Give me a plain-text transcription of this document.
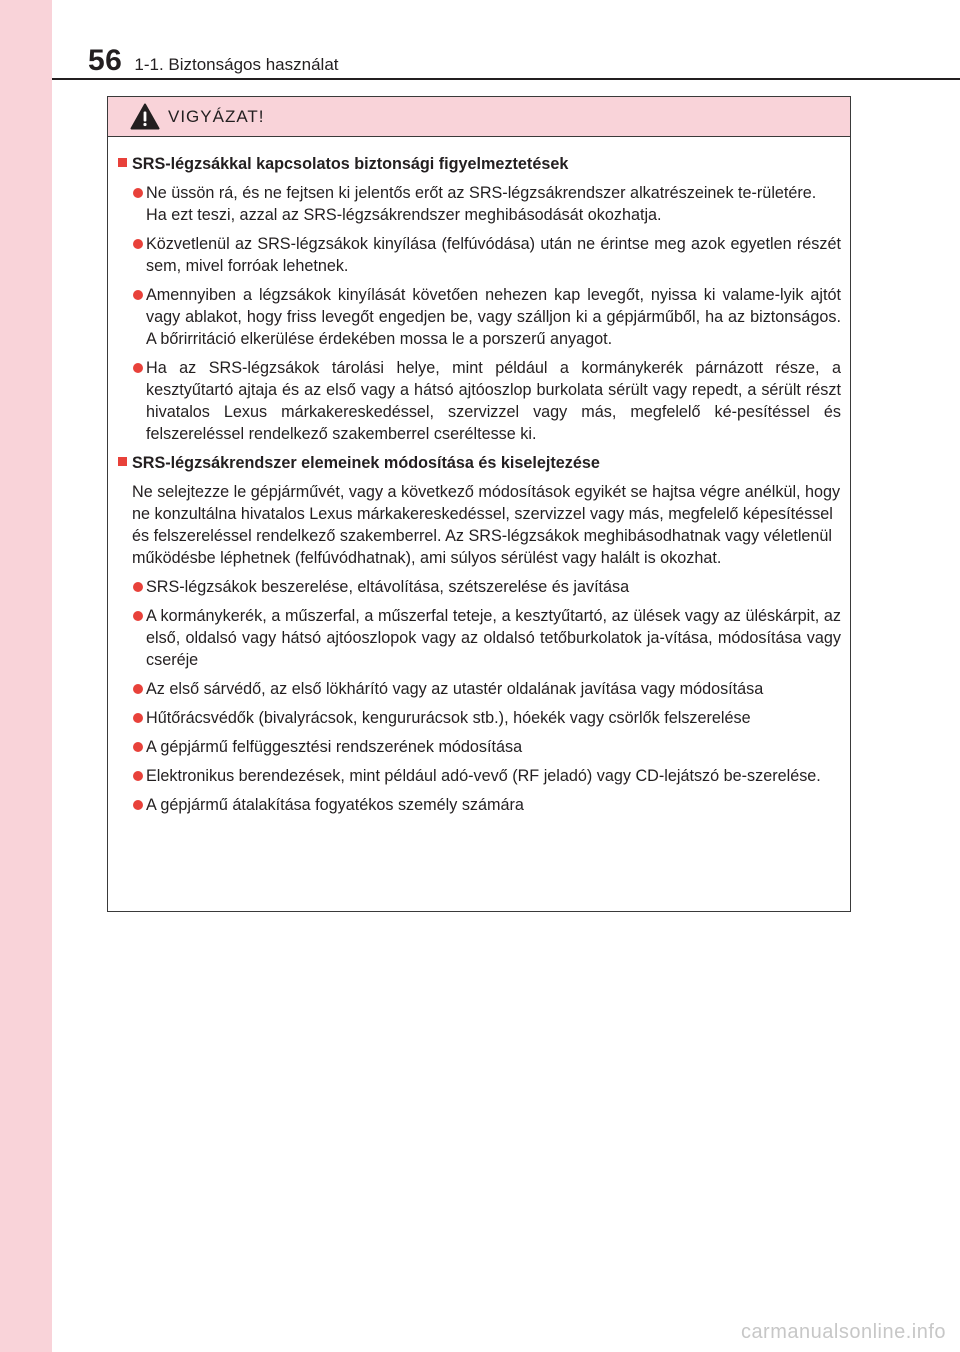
56 1-1. Biztonságos használat
VIGYÁZAT!
SRS-légzsákkal kapcsolatos biztonsági figyelmeztetések

Ne üssön rá, és ne fejtsen ki jelentős erőt az SRS-légzsákrendszer alkatrészeinek te-rületére.

Ha ezt teszi, azzal az SRS-légzsákrendszer meghibásodását okozhatja.

Közvetlenül az SRS-légzsákok kinyílása (felfúvódása) után ne érintse meg azok egyetlen részét sem, mivel forróak lehetnek.

Amennyiben a légzsákok kinyílását követően nehezen kap levegőt, nyissa ki valame-lyik ajtót vagy ablakot, hogy friss levegőt engedjen be, vagy szálljon ki a gépjárműből, ha az biztonságos. A bőrirritáció elkerülése érdekében mossa le a porszerű anyagot.

Ha az SRS-légzsákok tárolási helye, mint például a kormánykerék párnázott része, a kesztyűtartó ajtaja és az első vagy a hátsó ajtóoszlop burkolata sérült vagy repedt, a sérült részt hivatalos Lexus márkakereskedéssel, szervizzel vagy más, megfelelő ké-pesítéssel és felszereléssel rendelkező szakemberrel cseréltesse ki.

SRS-légzsákrendszer elemeinek módosítása és kiselejtezése
Ne selejtezze le gépjárművét, vagy a következő módosítások egyikét se hajtsa végre anélkül, hogy ne konzultálna hivatalos Lexus márkakereskedéssel, szervizzel vagy más, megfelelő képesítéssel és felszereléssel rendelkező szakemberrel. Az SRS-légzsákok meghibásodhatnak vagy véletlenül működésbe léphetnek (felfúvódhatnak), ami súlyos sérülést vagy halált is okozhat.

SRS-légzsákok beszerelése, eltávolítása, szétszerelése és javítása

A kormánykerék, a műszerfal, a műszerfal teteje, a kesztyűtartó, az ülések vagy az üléskárpit, az első, oldalsó vagy hátsó ajtóoszlopok vagy az oldalsó tetőburkolatok ja-vítása, módosítása vagy cseréje

Az első sárvédő, az első lökhárító vagy az utastér oldalának javítása vagy módosítása

Hűtőrácsvédők (bivalyrácsok, kengururácsok stb.), hóekék vagy csörlők felszerelése

A gépjármű felfüggesztési rendszerének módosítása

Elektronikus berendezések, mint például adó-vevő (RF jeladó) vagy CD-lejátszó be-szerelése.

A gépjármű átalakítása fogyatékos személy számára

carmanualsonline.info
